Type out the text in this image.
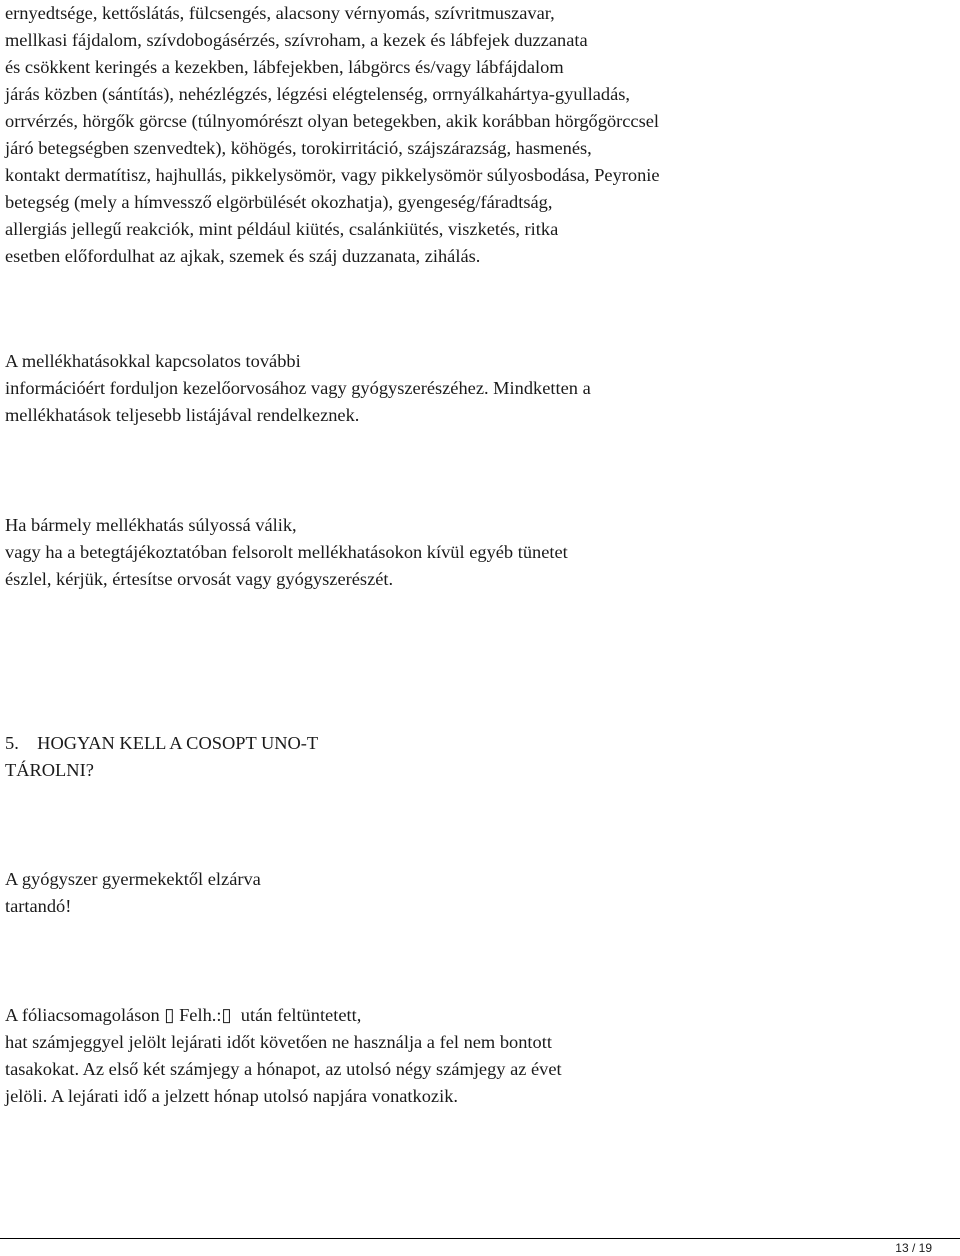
ernyedtsége, kettőslátás, fülcsengés, alacsony vérnyomás, szívritmuszavar,
mellkasi fájdalom, szívdobogásérzés, szívroham, a kezek és lábfejek duzzanata
és csökkent keringés a kezekben, lábfejekben, lábgörcs és/vagy lábfájdalom
járás közben (sántítás), nehézlégzés, légzési elégtelenség, orrnyálkahártya-gyulladás,
orrvérzés, hörgők görcse (túlnyomórészt olyan betegekben, akik korábban hörgőgörccsel
járó betegségben szenvedtek), köhögés, torokirritáció, szájszárazság, hasmenés,
kontakt dermatítisz, hajhullás, pikkelysömör, vagy pikkelysömör súlyosbodása, Peyronie
betegség (mely a hímvessző elgörbülését okozhatja), gyengeség/fáradtság,
allergiás jellegű reakciók, mint például kiütés, csalánkiütés, viszketés, ritka
esetben előfordulhat az ajkak, szemek és száj duzzanata, zihálás.
A mellékhatásokkal kapcsolatos további
információért forduljon kezelőorvosához vagy gyógyszerészéhez. Mindketten a
mellékhatások teljesebb listájával rendelkeznek.
Ha bármely mellékhatás súlyossá válik,
vagy ha a betegtájékoztatóban felsorolt mellékhatásokon kívül egyéb tünetet
észlel, kérjük, értesítse orvosát vagy gyógyszerészét.
5.    HOGYAN KELL A COSOPT UNO-T
TÁROLNI?
A gyógyszer gyermekektől elzárva
tartandó!
A fóliacsomagoláson ▯ Felh.:▯  után feltüntetett,
hat számjeggyel jelölt lejárati időt követően ne használja a fel nem bontott
tasakokat. Az első két számjegy a hónapot, az utolsó négy számjegy az évet
jelöli. A lejárati idő a jelzett hónap utolsó napjára vonatkozik.
13 / 19
